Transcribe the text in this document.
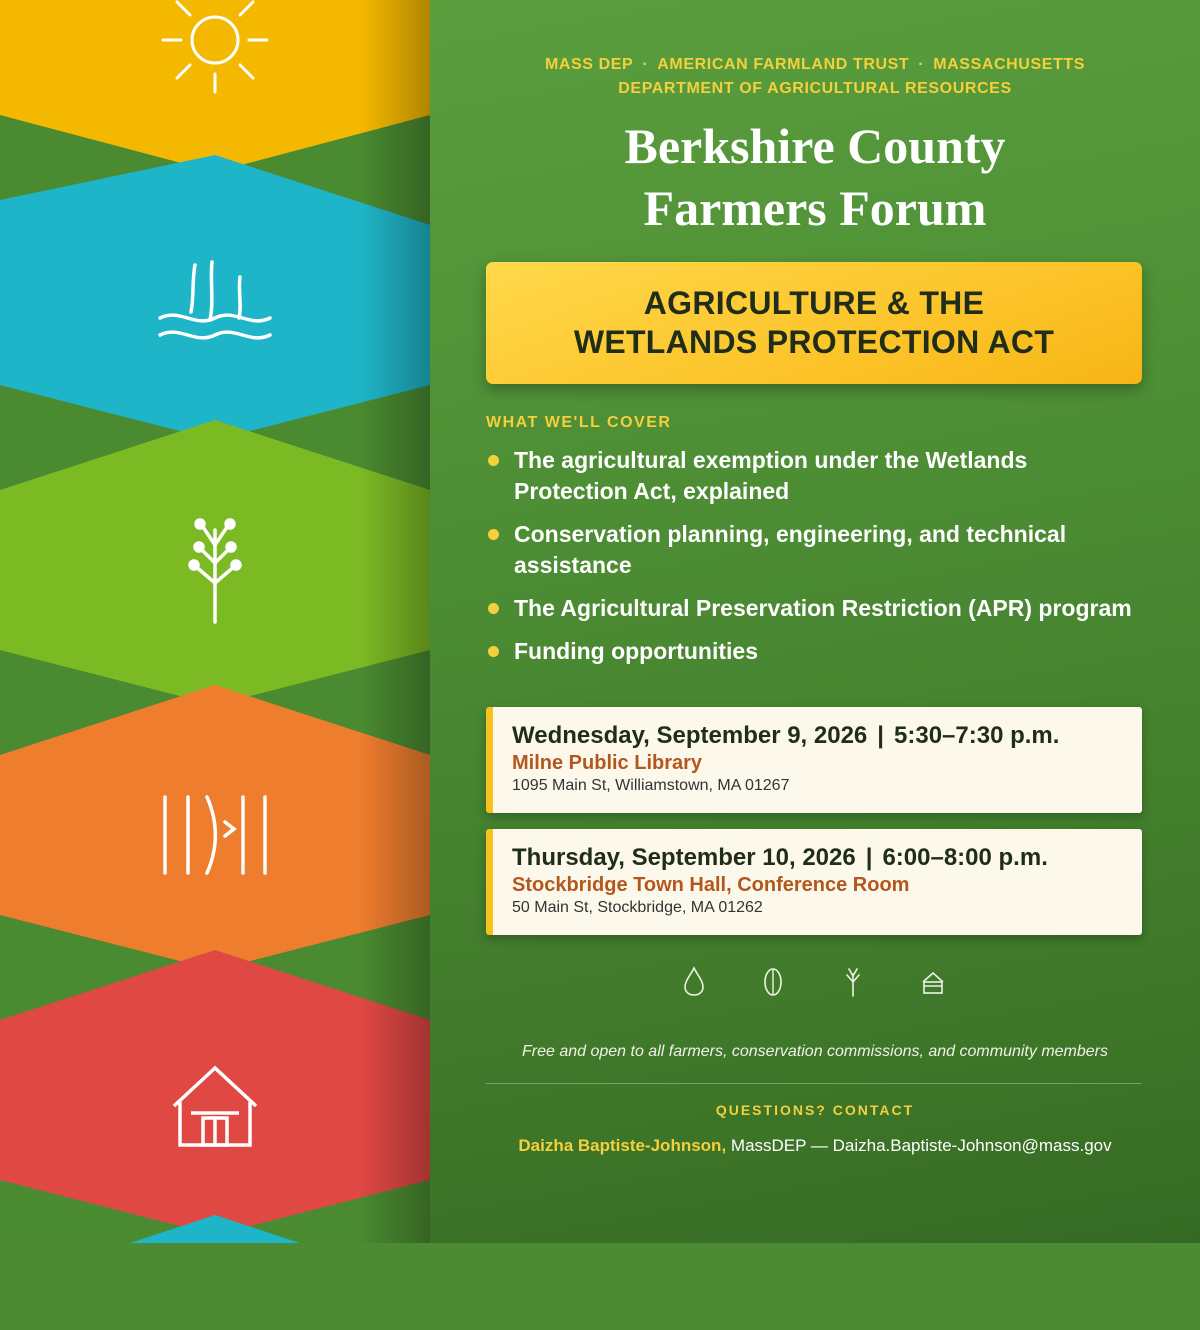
MASS DEP · AMERICAN FARMLAND TRUST · MASSACHUSETTS
DEPARTMENT OF AGRICULTURAL RESOURCES
Berkshire County
Farmers Forum
AGRICULTURE & THE
WETLANDS PROTECTION ACT
WHAT WE'LL COVER
The agricultural exemption under the Wetlands Protection Act, explained
Conservation planning, engineering, and technical assistance
The Agricultural Preservation Restriction (APR) program
Funding opportunities
Wednesday, September 9, 2026 | 5:30–7:30 p.m.
Milne Public Library
1095 Main St, Williamstown, MA 01267
Thursday, September 10, 2026 | 6:00–8:00 p.m.
Stockbridge Town Hall, Conference Room
50 Main St, Stockbridge, MA 01262
Free and open to all farmers, conservation commissions, and community members
QUESTIONS? CONTACT
Daizha Baptiste-Johnson, MassDEP — Daizha.Baptiste-Johnson@mass.gov
